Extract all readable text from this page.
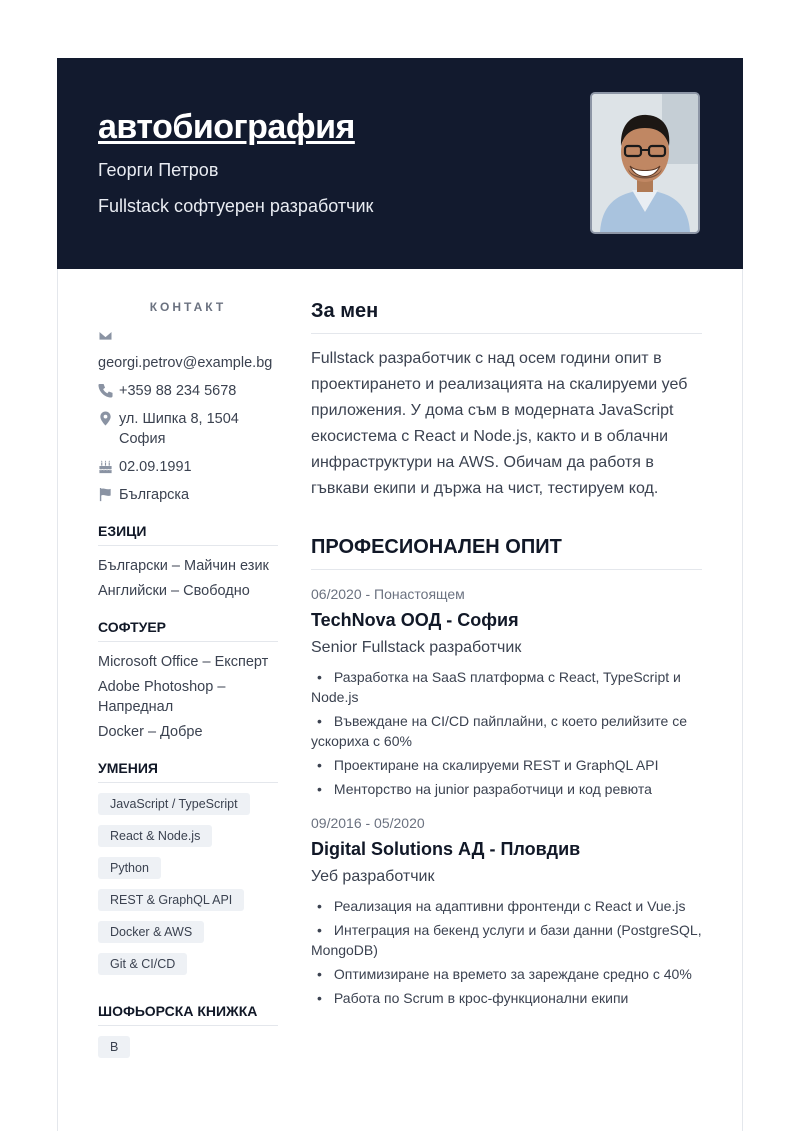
автобиография
Георги Петров
Fullstack софтуерен разработчик
КОНТАКТ
georgi.petrov@example.bg
+359 88 234 5678
ул. Шипка 8, 1504 София
02.09.1991
Българска
ЕЗИЦИ
Български – Майчин език
Английски – Свободно
СОФТУЕР
Microsoft Office – Експерт
Adobe Photoshop – Напреднал
Docker – Добре
УМЕНИЯ
JavaScript / TypeScript
React & Node.js
Python
REST & GraphQL API
Docker & AWS
Git & CI/CD
ШОФЬОРСКА КНИЖКА
B
За мен

Fullstack разработчик с над осем години опит в проектирането и реализацията на скалируеми уеб приложения. У дома съм в модерната JavaScript екосистема с React и Node.js, както и в облачни инфраструктури на AWS. Обичам да работя в гъвкави екипи и държа на чист, тестируем код.

ПРОФЕСИОНАЛЕН ОПИТ
06/2020 - Понастоящем
TechNova ООД - София
Senior Fullstack разработчик
• Разработка на SaaS платформа с React, TypeScript и Node.js
• Въвеждане на CI/CD пайплайни, с което релийзите се ускориха с 60%
• Проектиране на скалируеми REST и GraphQL API
• Менторство на junior разработчици и код ревюта
09/2016 - 05/2020
Digital Solutions АД - Пловдив
Уеб разработчик
• Реализация на адаптивни фронтенди с React и Vue.js
• Интеграция на бекенд услуги и бази данни (PostgreSQL, MongoDB)
• Оптимизиране на времето за зареждане средно с 40%
• Работа по Scrum в крос-функционални екипи
